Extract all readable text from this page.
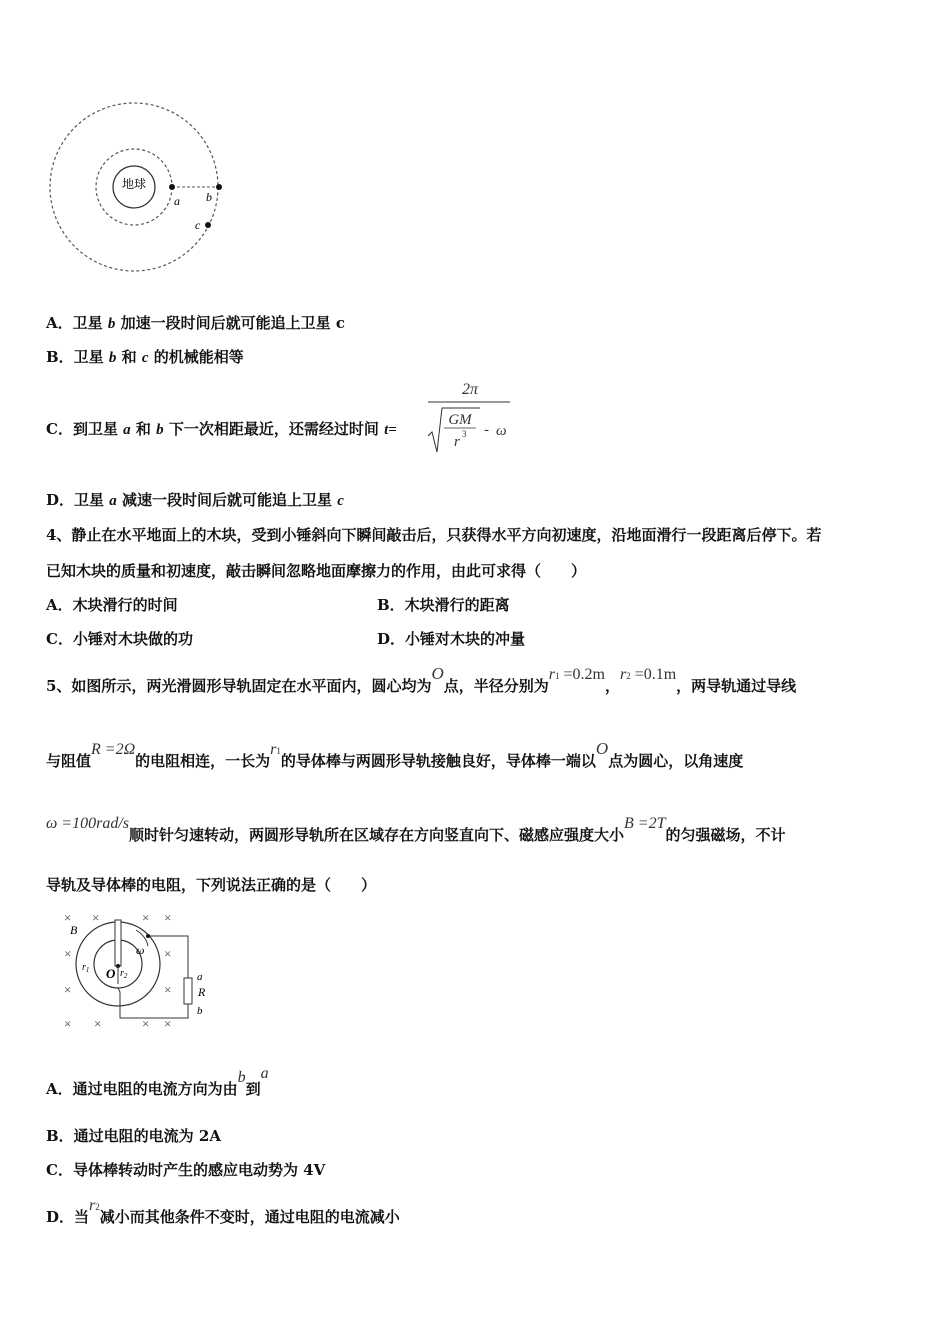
地球
a b
c
A．卫星 b 加速一段时间后就可能追上卫星 c
B．卫星 b 和 c 的机械能相等
C．到卫星 a 和 b 下一次相距最近，还需经过时间 t=
2π
GM
r 3 - ω
D．卫星 a 减速一段时间后就可能追上卫星 c
4、静止在水平地面上的木块，受到小锤斜向下瞬间敲击后，只获得水平方向初速度，沿地面滑行一段距离后停下。若
已知木块的质量和初速度，敲击瞬间忽略地面摩擦力的作用，由此可求得（　　）
A．木块滑行的时间	B．木块滑行的距离
C．小锤对木块做的功	D．小锤对木块的冲量
5、如图所示，两光滑圆形导轨固定在水平面内，圆心均为O点，半径分别为$r^1 =0.2m$，$r^2 =0.1m$，两导轨通过导线
与阻值R =2Ω的电阻相连，一长为$r^1$的导体棒与两圆形导轨接触良好，导体棒一端以O点为圆心，以角速度
ω =100rad/s顺时针匀速转动，两圆形导轨所在区域存在方向竖直向下、磁感应强度大小B =2T的匀强磁场，不计
导轨及导体棒的电阻，下列说法正确的是（　　）
× ×	× ×
×	×
×	×
× ×	× ×
B
$r_1$ O $r_2$
ω
a
R
b
A．通过电阻的电流方向为由b到a
B．通过电阻的电流为 2A
C．导体棒转动时产生的感应电动势为 4V
D．当$r^2$减小而其他条件不变时，通过电阻的电流减小
